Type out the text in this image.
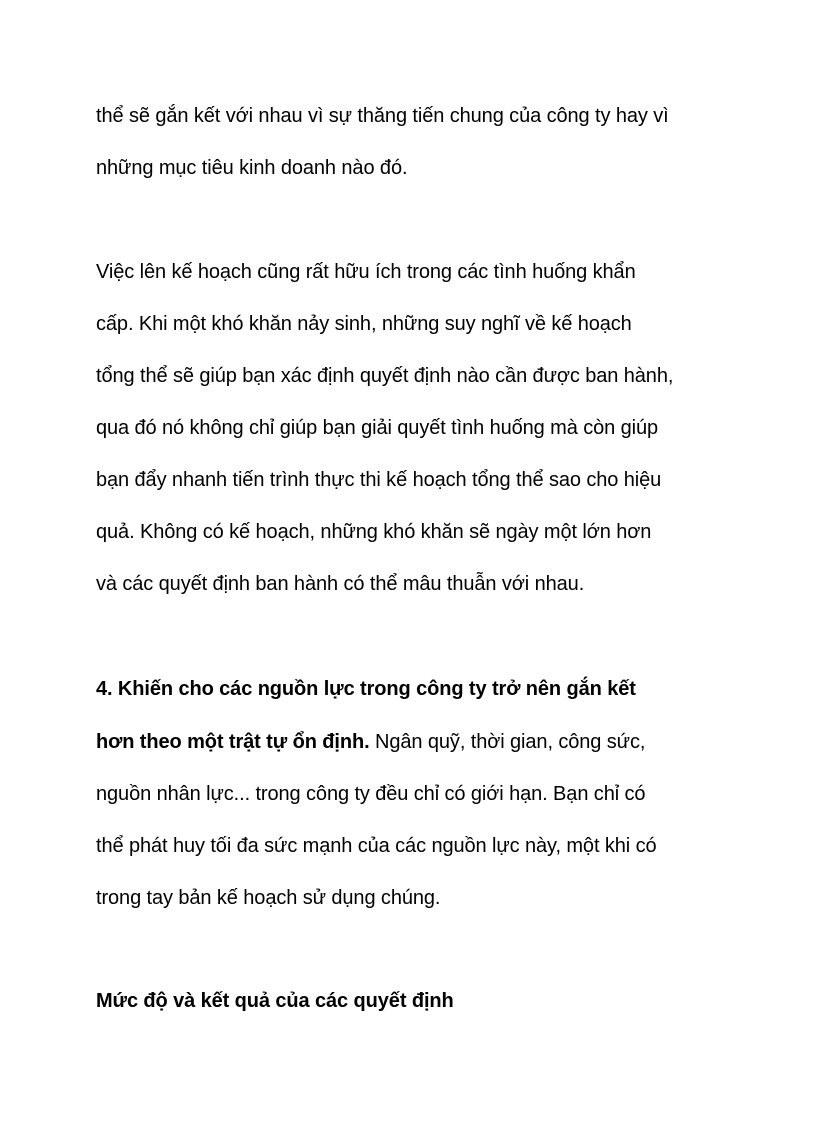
thể sẽ gắn kết với nhau vì sự thăng tiến chung của công ty hay vì
những mục tiêu kinh doanh nào đó.
Việc lên kế hoạch cũng rất hữu ích trong các tình huống khẩn
cấp. Khi một khó khăn nảy sinh, những suy nghĩ về kế hoạch
tổng thể sẽ giúp bạn xác định quyết định nào cần được ban hành,
qua đó nó không chỉ giúp bạn giải quyết tình huống mà còn giúp
bạn đẩy nhanh tiến trình thực thi kế hoạch tổng thể sao cho hiệu
quả. Không có kế hoạch, những khó khăn sẽ ngày một lớn hơn
và các quyết định ban hành có thể mâu thuẫn với nhau.
4. Khiến cho các nguồn lực trong công ty trở nên gắn kết
hơn theo một trật tự ổn định. Ngân quỹ, thời gian, công sức,
nguồn nhân lực... trong công ty đều chỉ có giới hạn. Bạn chỉ có
thể phát huy tối đa sức mạnh của các nguồn lực này, một khi có
trong tay bản kế hoạch sử dụng chúng.
Mức độ và kết quả của các quyết định
